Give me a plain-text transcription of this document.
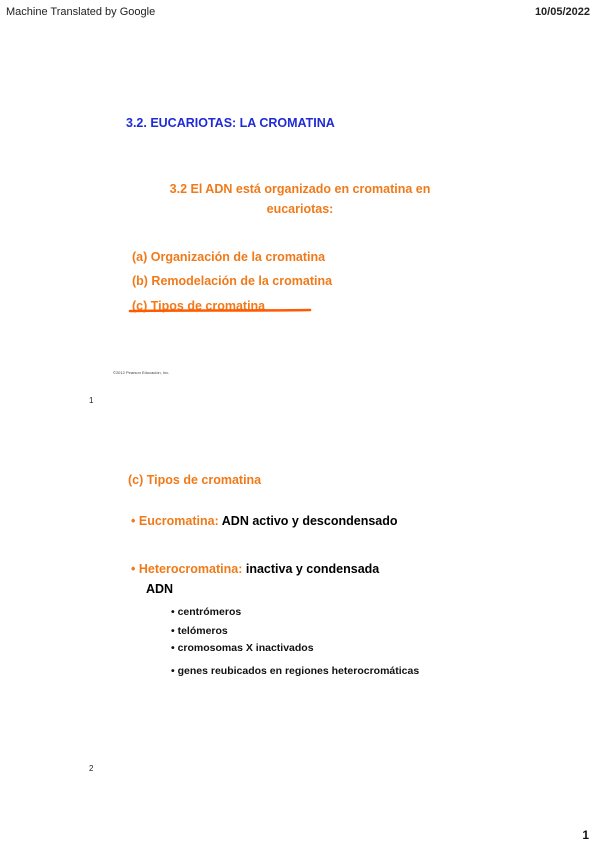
Machine Translated by Google	10/05/2022
3.2. EUCARIOTAS: LA CROMATINA
3.2 El ADN está organizado en cromatina en
eucariotas:
(a) Organización de la cromatina
(b) Remodelación de la cromatina
(c) Tipos de cromatina
©2012 Pearson Educación, Inc.
1
(c) Tipos de cromatina
• Eucromatina: ADN activo y descondensado
• Heterocromatina: inactiva y condensada
ADN
• centrómeros
• telómeros
• cromosomas X inactivados
• genes reubicados en regiones heterocromáticas
2
1
